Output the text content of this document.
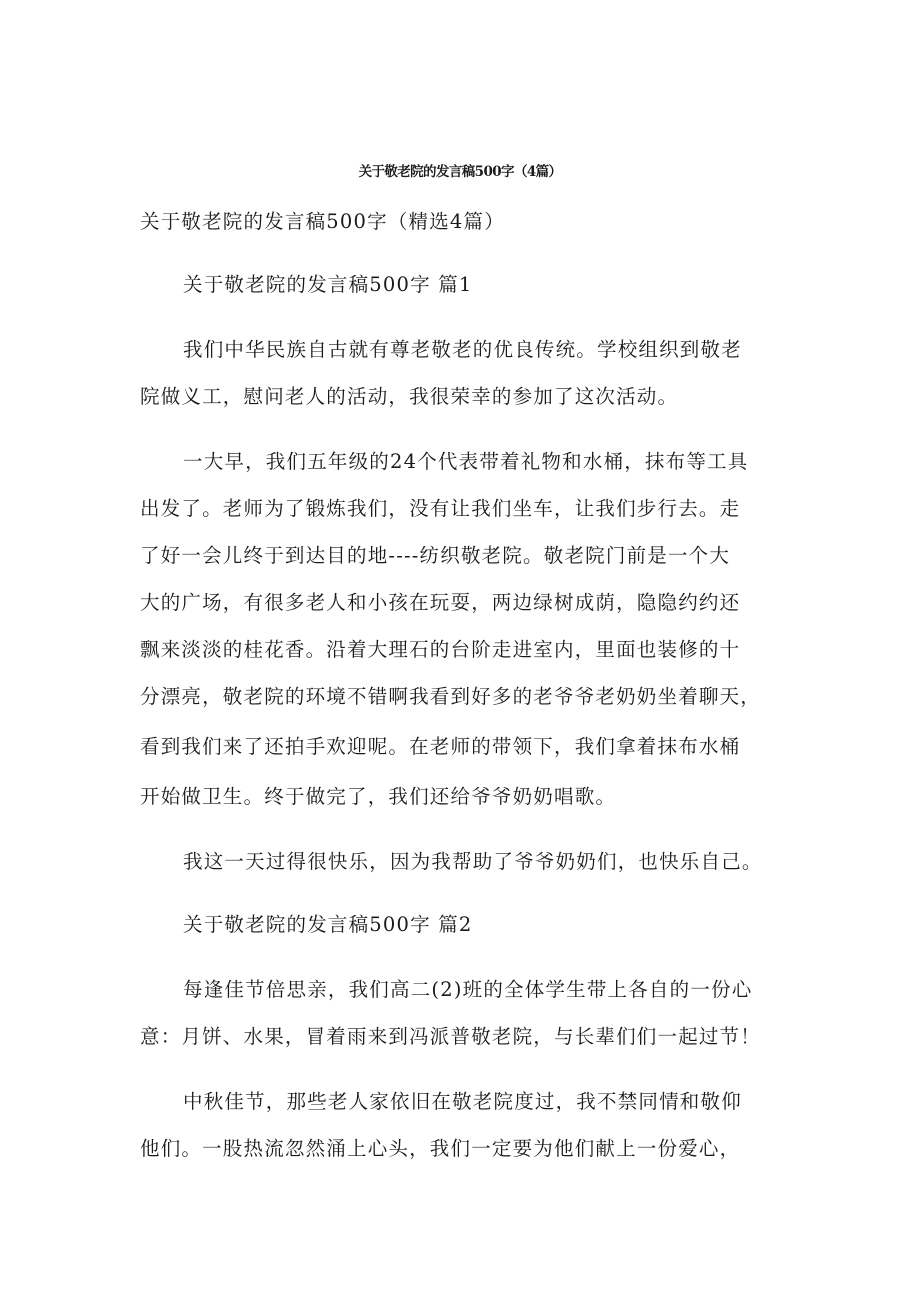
关于敬老院的发言稿500字（4篇）
关于敬老院的发言稿500字（精选4篇）
关于敬老院的发言稿500字 篇1
我们中华民族自古就有尊老敬老的优良传统。学校组织到敬老
院做义工，慰问老人的活动，我很荣幸的参加了这次活动。
一大早，我们五年级的24个代表带着礼物和水桶，抹布等工具
出发了。老师为了锻炼我们，没有让我们坐车，让我们步行去。走
了好一会儿终于到达目的地----纺织敬老院。敬老院门前是一个大
大的广场，有很多老人和小孩在玩耍，两边绿树成荫，隐隐约约还
飘来淡淡的桂花香。沿着大理石的台阶走进室内，里面也装修的十
分漂亮，敬老院的环境不错啊我看到好多的老爷爷老奶奶坐着聊天，
看到我们来了还拍手欢迎呢。在老师的带领下，我们拿着抹布水桶
开始做卫生。终于做完了，我们还给爷爷奶奶唱歌。
我这一天过得很快乐，因为我帮助了爷爷奶奶们，也快乐自己。
关于敬老院的发言稿500字 篇2
每逢佳节倍思亲，我们高二(2)班的全体学生带上各自的一份心
意：月饼、水果，冒着雨来到冯派普敬老院，与长辈们们一起过节！
中秋佳节，那些老人家依旧在敬老院度过，我不禁同情和敬仰
他们。一股热流忽然涌上心头，我们一定要为他们献上一份爱心，
